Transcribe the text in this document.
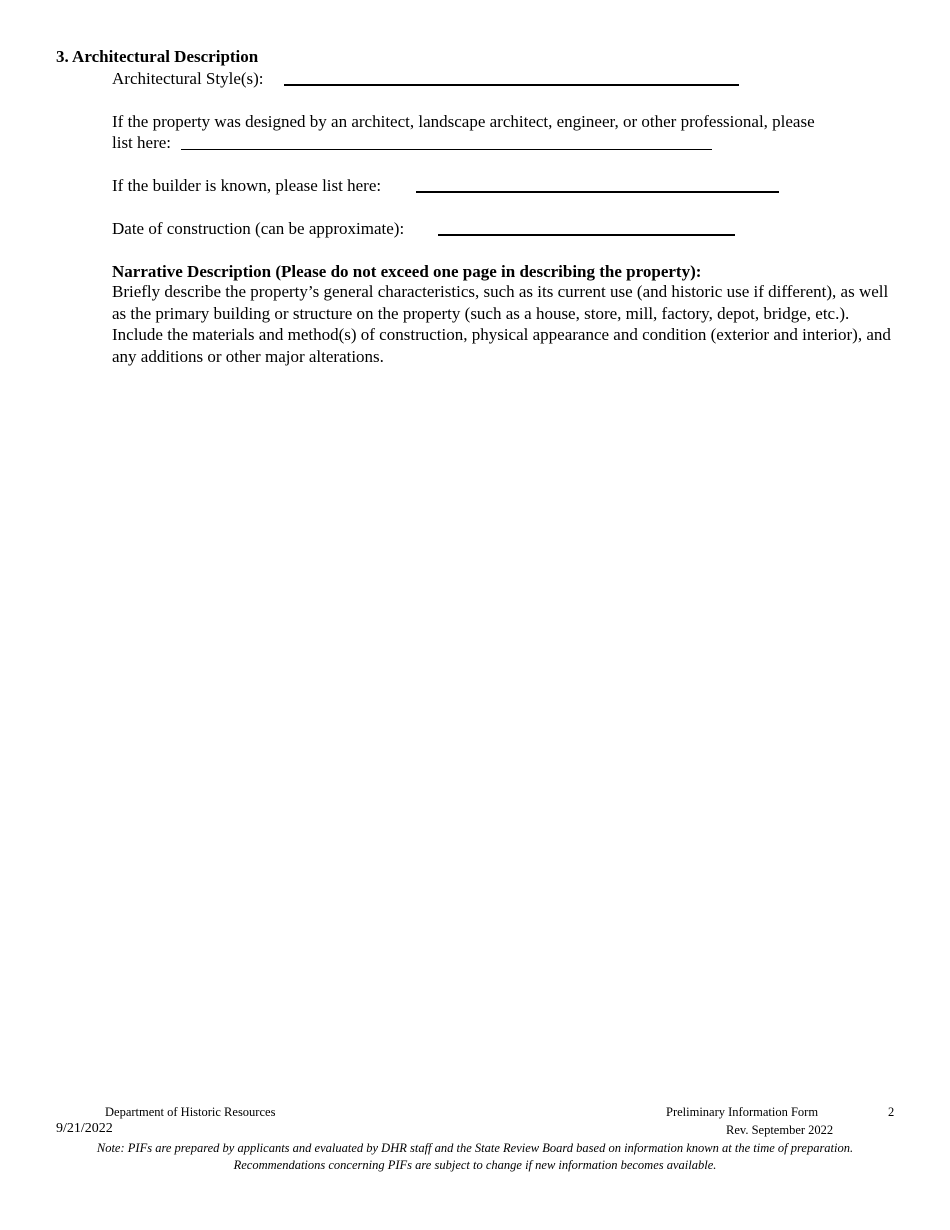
3. Architectural Description
Architectural Style(s):
If the property was designed by an architect, landscape architect, engineer, or other professional, please
list here:
If the builder is known, please list here:
Date of construction (can be approximate):
Narrative Description (Please do not exceed one page in describing the property):
Briefly describe the property’s general characteristics, such as its current use (and historic use if different), as well as the primary building or structure on the property (such as a house, store, mill, factory, depot, bridge, etc.). Include the materials and method(s) of construction, physical appearance and condition (exterior and interior), and any additions or other major alterations.
Department of Historic Resources	Preliminary Information Form	2
9/21/2022	Rev. September 2022
Note: PIFs are prepared by applicants and evaluated by DHR staff and the State Review Board based on information known at the time of preparation.
Recommendations concerning PIFs are subject to change if new information becomes available.
